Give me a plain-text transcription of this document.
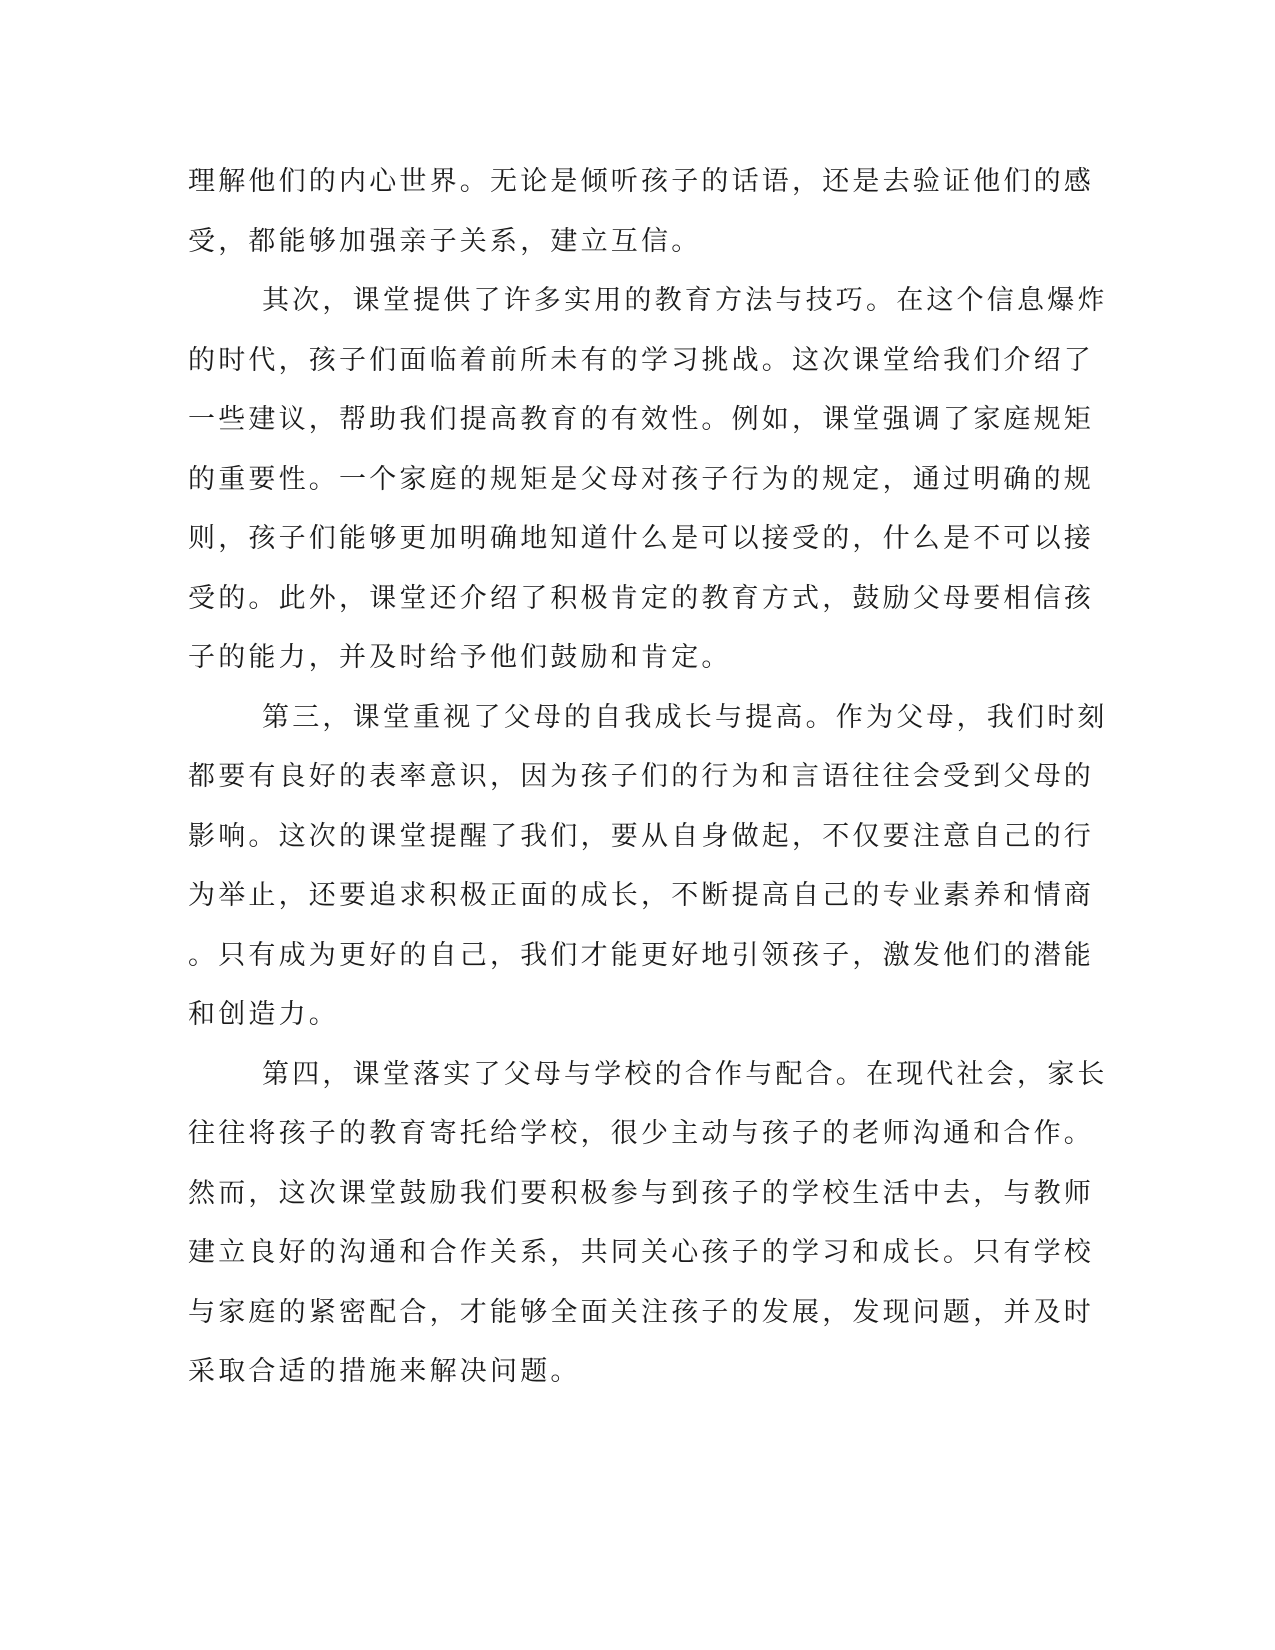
理解他们的内心世界。无论是倾听孩子的话语，还是去验证他们的感
受，都能够加强亲子关系，建立互信。
其次，课堂提供了许多实用的教育方法与技巧。在这个信息爆炸
的时代，孩子们面临着前所未有的学习挑战。这次课堂给我们介绍了
一些建议，帮助我们提高教育的有效性。例如，课堂强调了家庭规矩
的重要性。一个家庭的规矩是父母对孩子行为的规定，通过明确的规
则，孩子们能够更加明确地知道什么是可以接受的，什么是不可以接
受的。此外，课堂还介绍了积极肯定的教育方式，鼓励父母要相信孩
子的能力，并及时给予他们鼓励和肯定。
第三，课堂重视了父母的自我成长与提高。作为父母，我们时刻
都要有良好的表率意识，因为孩子们的行为和言语往往会受到父母的
影响。这次的课堂提醒了我们，要从自身做起，不仅要注意自己的行
为举止，还要追求积极正面的成长，不断提高自己的专业素养和情商
。只有成为更好的自己，我们才能更好地引领孩子，激发他们的潜能
和创造力。
第四，课堂落实了父母与学校的合作与配合。在现代社会，家长
往往将孩子的教育寄托给学校，很少主动与孩子的老师沟通和合作。
然而，这次课堂鼓励我们要积极参与到孩子的学校生活中去，与教师
建立良好的沟通和合作关系，共同关心孩子的学习和成长。只有学校
与家庭的紧密配合，才能够全面关注孩子的发展，发现问题，并及时
采取合适的措施来解决问题。
